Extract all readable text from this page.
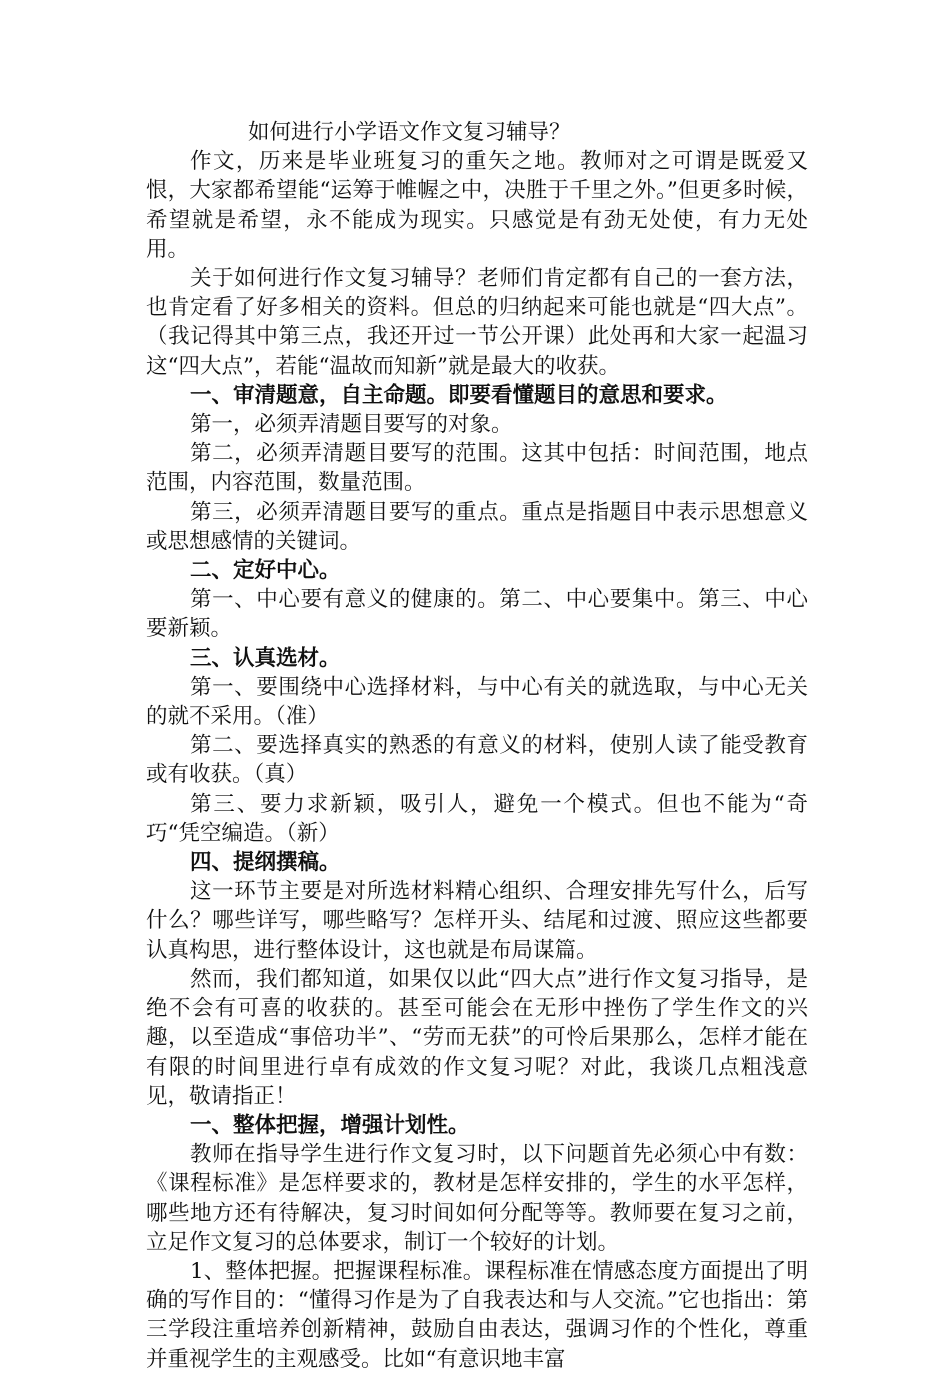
如何进行小学语文作文复习辅导？

作文，历来是毕业班复习的重矢之地。教师对之可谓是既爱又恨，大家都希望能“运筹于帷幄之中，决胜于千里之外。”但更多时候，希望就是希望，永不能成为现实。只感觉是有劲无处使，有力无处用。

关于如何进行作文复习辅导？老师们肯定都有自己的一套方法，也肯定看了好多相关的资料。但总的归纳起来可能也就是“四大点”。（我记得其中第三点，我还开过一节公开课）此处再和大家一起温习这“四大点”，若能“温故而知新”就是最大的收获。

一、审清题意，自主命题。即要看懂题目的意思和要求。

第一，必须弄清题目要写的对象。

第二，必须弄清题目要写的范围。这其中包括：时间范围，地点范围，内容范围，数量范围。

第三，必须弄清题目要写的重点。重点是指题目中表示思想意义或思想感情的关键词。

二、定好中心。

第一、中心要有意义的健康的。第二、中心要集中。第三、中心要新颖。

三、认真选材。

第一、要围绕中心选择材料，与中心有关的就选取，与中心无关的就不采用。（准）

第二、要选择真实的熟悉的有意义的材料，使别人读了能受教育或有收获。（真）

第三、要力求新颖，吸引人，避免一个模式。但也不能为“奇巧“凭空编造。（新）

四、提纲撰稿。

这一环节主要是对所选材料精心组织、合理安排先写什么，后写什么？哪些详写，哪些略写？怎样开头、结尾和过渡、照应这些都要认真构思，进行整体设计，这也就是布局谋篇。

然而，我们都知道，如果仅以此“四大点”进行作文复习指导，是绝不会有可喜的收获的。甚至可能会在无形中挫伤了学生作文的兴趣，以至造成“事倍功半”、“劳而无获”的可怜后果那么，怎样才能在有限的时间里进行卓有成效的作文复习呢？对此，我谈几点粗浅意见，敬请指正！

一、整体把握，增强计划性。

教师在指导学生进行作文复习时，以下问题首先必须心中有数：《课程标准》是怎样要求的，教材是怎样安排的，学生的水平怎样，哪些地方还有待解决，复习时间如何分配等等。教师要在复习之前，立足作文复习的总体要求，制订一个较好的计划。

1、整体把握。把握课程标准。课程标准在情感态度方面提出了明确的写作目的：“懂得习作是为了自我表达和与人交流。”它也指出：第三学段注重培养创新精神，鼓励自由表达，强调习作的个性化，尊重并重视学生的主观感受。比如“有意识地丰富
